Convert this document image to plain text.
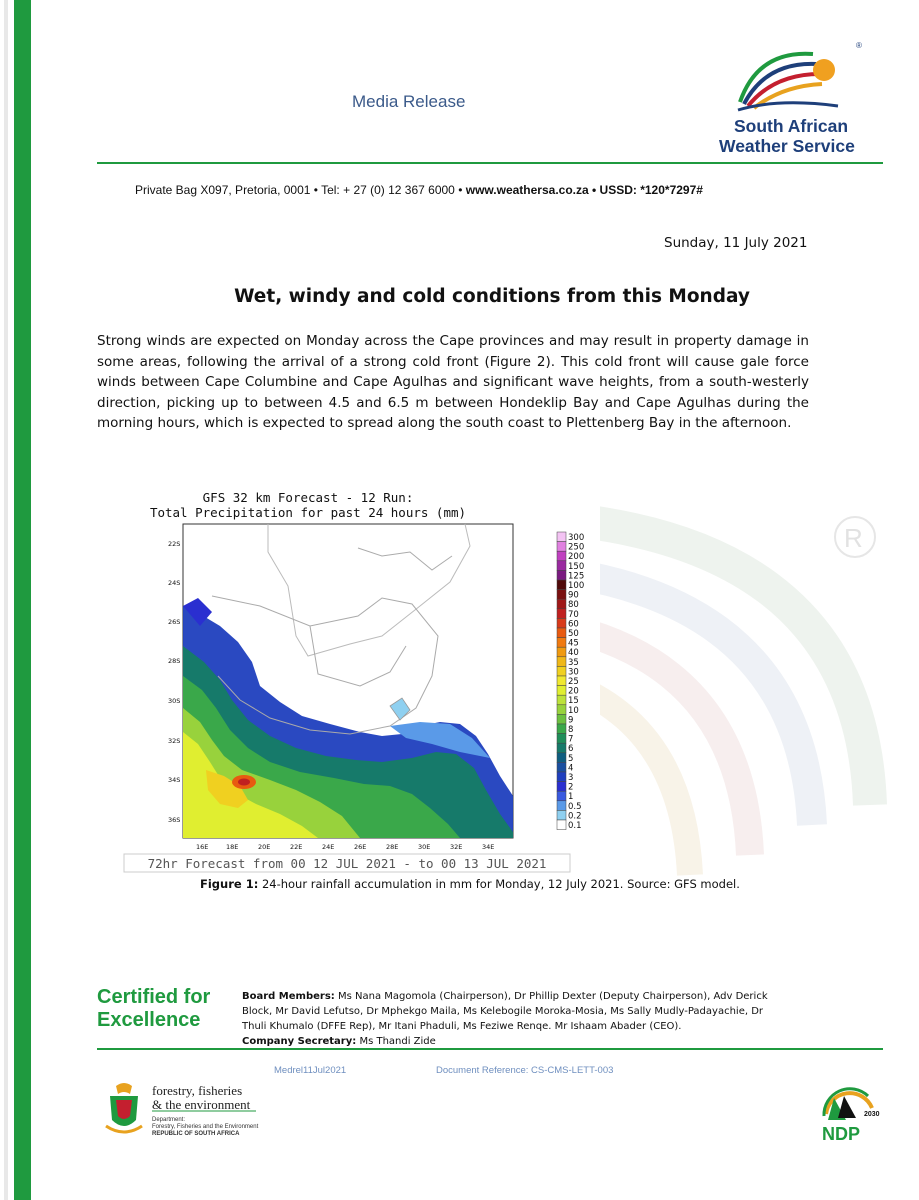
Media Release
®
South African
Weather Service
Private Bag X097, Pretoria, 0001 • Tel: + 27 (0) 12 367 6000 • www.weathersa.co.za • USSD: *120*7297#
Sunday, 11 July 2021
Wet, windy and cold conditions from this Monday
Strong winds are expected on Monday across the Cape provinces and may result in property damage in some areas, following the arrival of a strong cold front (Figure 2). This cold front will cause gale force winds between Cape Columbine and Cape Agulhas and significant wave heights, from a south-westerly direction, picking up to between 4.5 and 6.5 m between Hondeklip Bay and Cape Agulhas during the morning hours, which is expected to spread along the south coast to Plettenberg Bay in the afternoon.
R
GFS 32 km Forecast - 12 Run:
Total Precipitation for past 24 hours (mm)
22S
24S
26S
28S
30S
32S
34S
36S
16E	18E	20E	22E	24E	26E	28E	30E	32E	34E
300
250
200
150
125
100
90
80
70
60
50
45
40
35
30
25
20
15
10
9
8
7
6
5
4
3
2
1
0.5
0.2
0.1
72hr Forecast from 00 12 JUL 2021 - to 00 13 JUL 2021
Figure 1: 24-hour rainfall accumulation in mm for Monday, 12 July 2021. Source: GFS model.
Certified for
Excellence
Board Members: Ms Nana Magomola (Chairperson), Dr Phillip Dexter (Deputy Chairperson), Adv Derick Block, Mr David Lefutso, Dr Mphekgo Maila, Ms Kelebogile Moroka-Mosia, Ms Sally Mudly-Padayachie, Dr Thuli Khumalo (DFFE Rep), Mr Itani Phaduli, Ms Feziwe Renqe. Mr Ishaam Abader (CEO).
Company Secretary: Ms Thandi Zide
Medrel11Jul2021	Document Reference: CS-CMS-LETT-003
forestry, fisheries
& the environment
Department:
Forestry, Fisheries and the Environment
REPUBLIC OF SOUTH AFRICA
2030
NDP
